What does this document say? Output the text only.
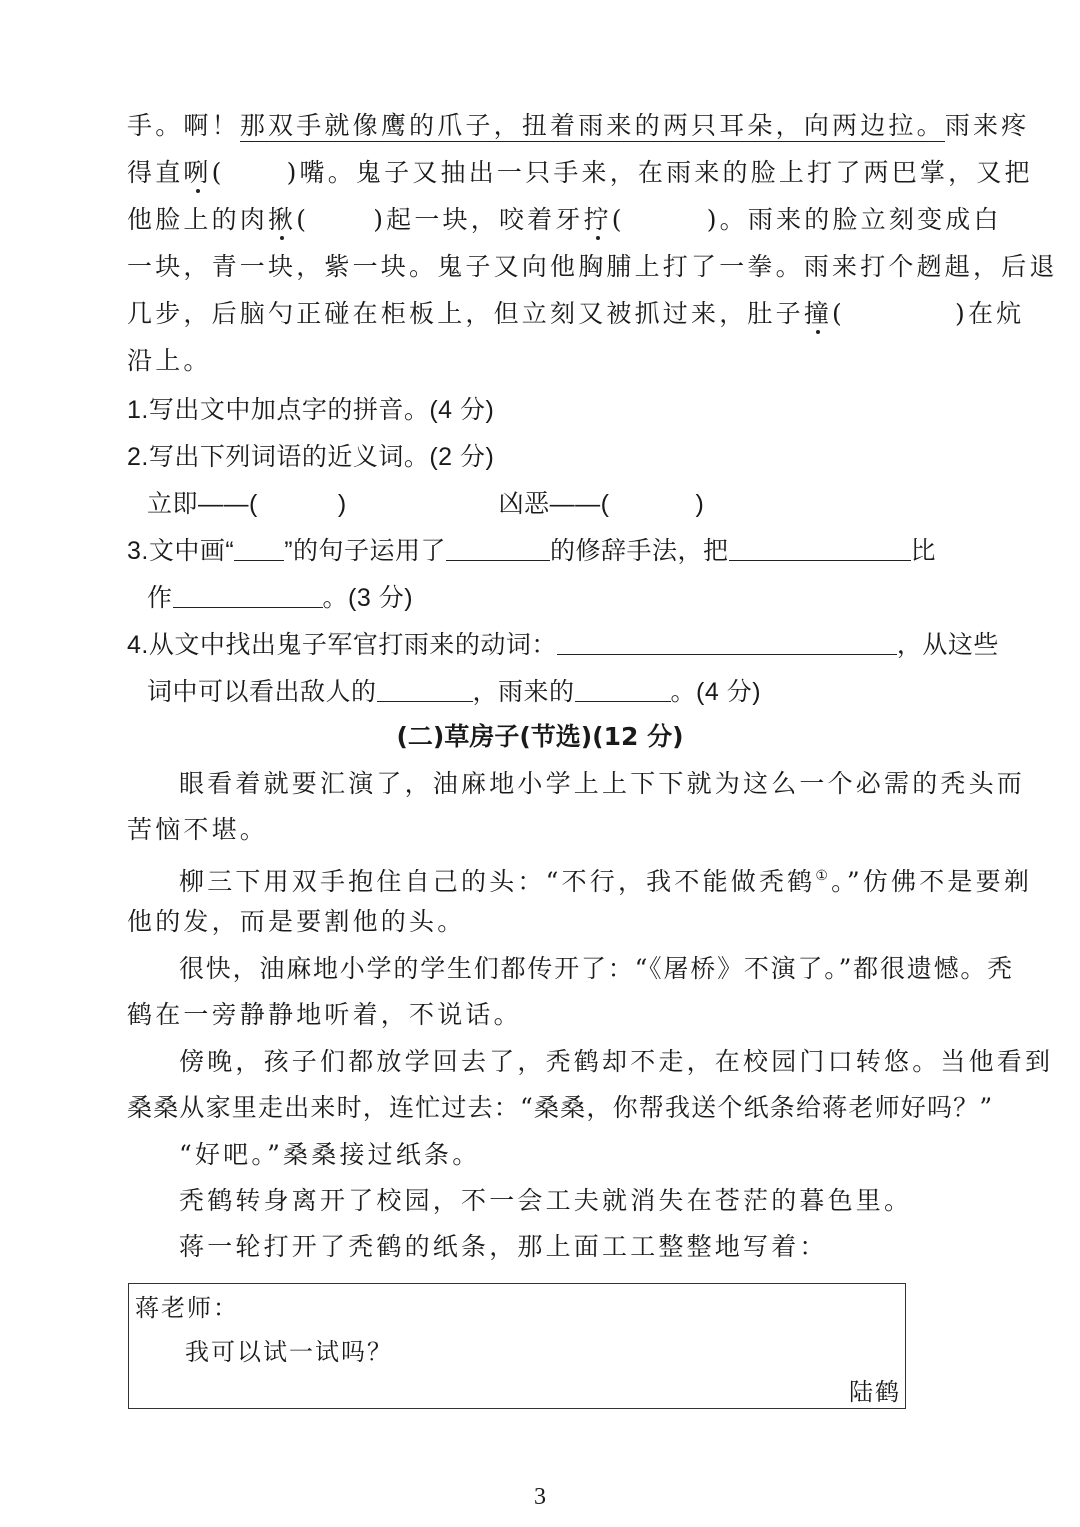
手。啊！那双手就像鹰的爪子，扭着雨来的两只耳朵，向两边拉。雨来疼
得直咧( )嘴。鬼子又抽出一只手来，在雨来的脸上打了两巴掌，又把
他脸上的肉揪(	)起一块，咬着牙拧(	)。雨来的脸立刻变成白
一块，青一块，紫一块。鬼子又向他胸脯上打了一拳。雨来打个趔趄，后退
几步，后脑勺正碰在柜板上，但立刻又被抓过来，肚子撞(	)在炕
沿上。
1.写出文中加点字的拼音。(4 分)
2.写出下列词语的近义词。(2 分)
立即——(	)	凶恶——(	)
3.文中画“ ”的句子运用了	的修辞手法，把	比
作	。(3 分)
4.从文中找出鬼子军官打雨来的动词：	，从这些
词中可以看出敌人的	，雨来的	。(4 分)
(二)草房子(节选)(12 分)
眼看着就要汇演了，油麻地小学上上下下就为这么一个必需的秃头而
苦恼不堪。
柳三下用双手抱住自己的头：“不行，我不能做秃鹤①。”仿佛不是要剃
他的发，而是要割他的头。
很快，油麻地小学的学生们都传开了：“《屠桥》不演了。”都很遗憾。秃
鹤在一旁静静地听着，不说话。
傍晚，孩子们都放学回去了，秃鹤却不走，在校园门口转悠。当他看到
桑桑从家里走出来时，连忙过去：“桑桑，你帮我送个纸条给蒋老师好吗？”
“好吧。”桑桑接过纸条。
秃鹤转身离开了校园，不一会工夫就消失在苍茫的暮色里。
蒋一轮打开了秃鹤的纸条，那上面工工整整地写着：
蒋老师：
我可以试一试吗？
陆鹤
3
